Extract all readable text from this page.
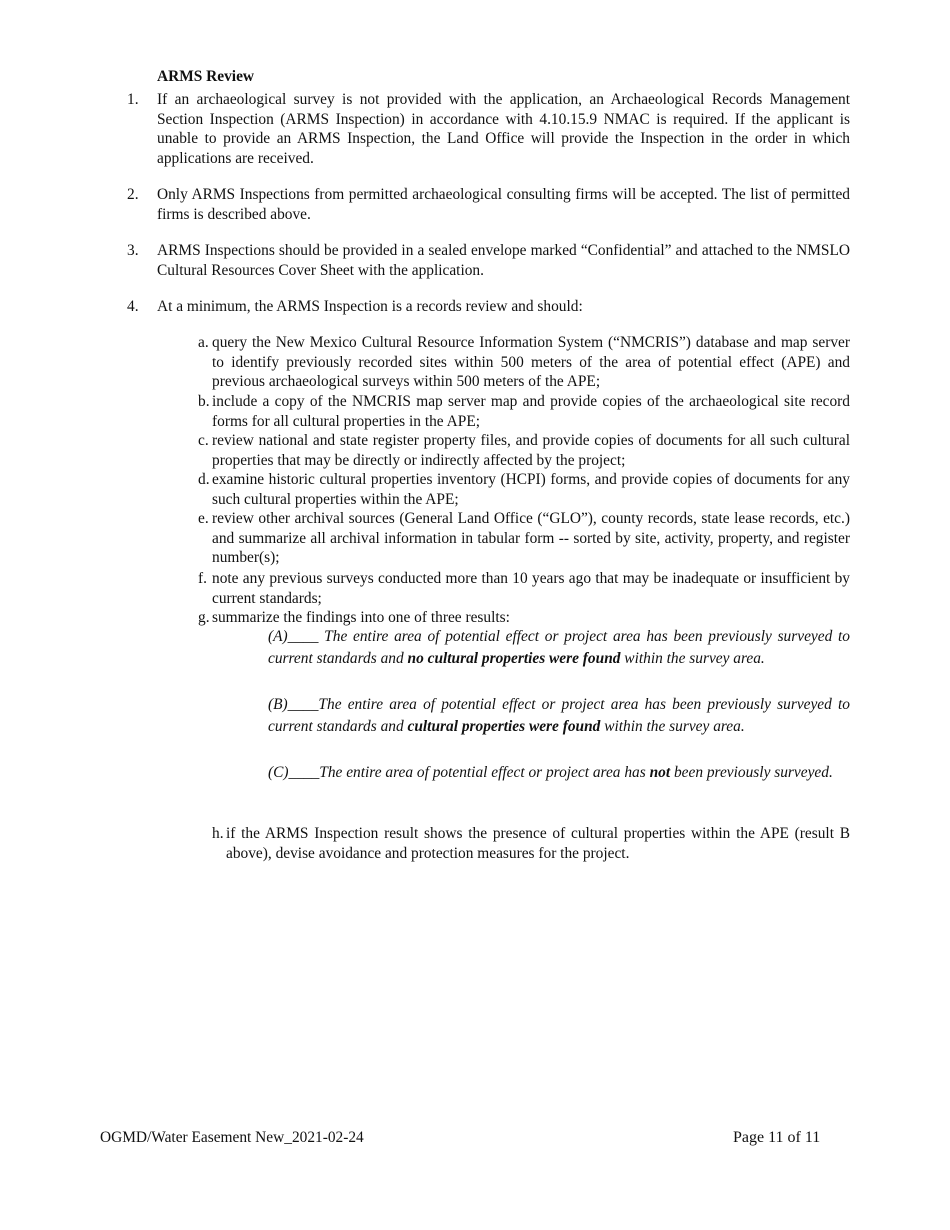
ARMS Review
1.	If an archaeological survey is not provided with the application, an Archaeological Records Management Section Inspection (ARMS Inspection) in accordance with 4.10.15.9 NMAC is required. If the applicant is unable to provide an ARMS Inspection, the Land Office will provide the Inspection in the order in which applications are received.
2.	Only ARMS Inspections from permitted archaeological consulting firms will be accepted. The list of permitted firms is described above.
3.	ARMS Inspections should be provided in a sealed envelope marked “Confidential” and attached to the NMSLO Cultural Resources Cover Sheet with the application.
4.	At a minimum, the ARMS Inspection is a records review and should:
a. query the New Mexico Cultural Resource Information System (“NMCRIS”) database and map server to identify previously recorded sites within 500 meters of the area of potential effect (APE) and previous archaeological surveys within 500 meters of the APE;
b. include a copy of the NMCRIS map server map and provide copies of the archaeological site record forms for all cultural properties in the APE;
c. review national and state register property files, and provide copies of documents for all such cultural properties that may be directly or indirectly affected by the project;
d. examine historic cultural properties inventory (HCPI) forms, and provide copies of documents for any such cultural properties within the APE;
e. review other archival sources (General Land Office (“GLO”), county records, state lease records, etc.) and summarize all archival information in tabular form -- sorted by site, activity, property, and register number(s);
f. note any previous surveys conducted more than 10 years ago that may be inadequate or insufficient by current standards;
g. summarize the findings into one of three results:
(A)____ The entire area of potential effect or project area has been previously surveyed to current standards and no cultural properties were found within the survey area.
(B)____The entire area of potential effect or project area has been previously surveyed to current standards and cultural properties were found within the survey area.
(C)____The entire area of potential effect or project area has not been previously surveyed.
h. if the ARMS Inspection result shows the presence of cultural properties within the APE (result B above), devise avoidance and protection measures for the project.
OGMD/Water Easement New_2021-02-24	Page 11 of 11
